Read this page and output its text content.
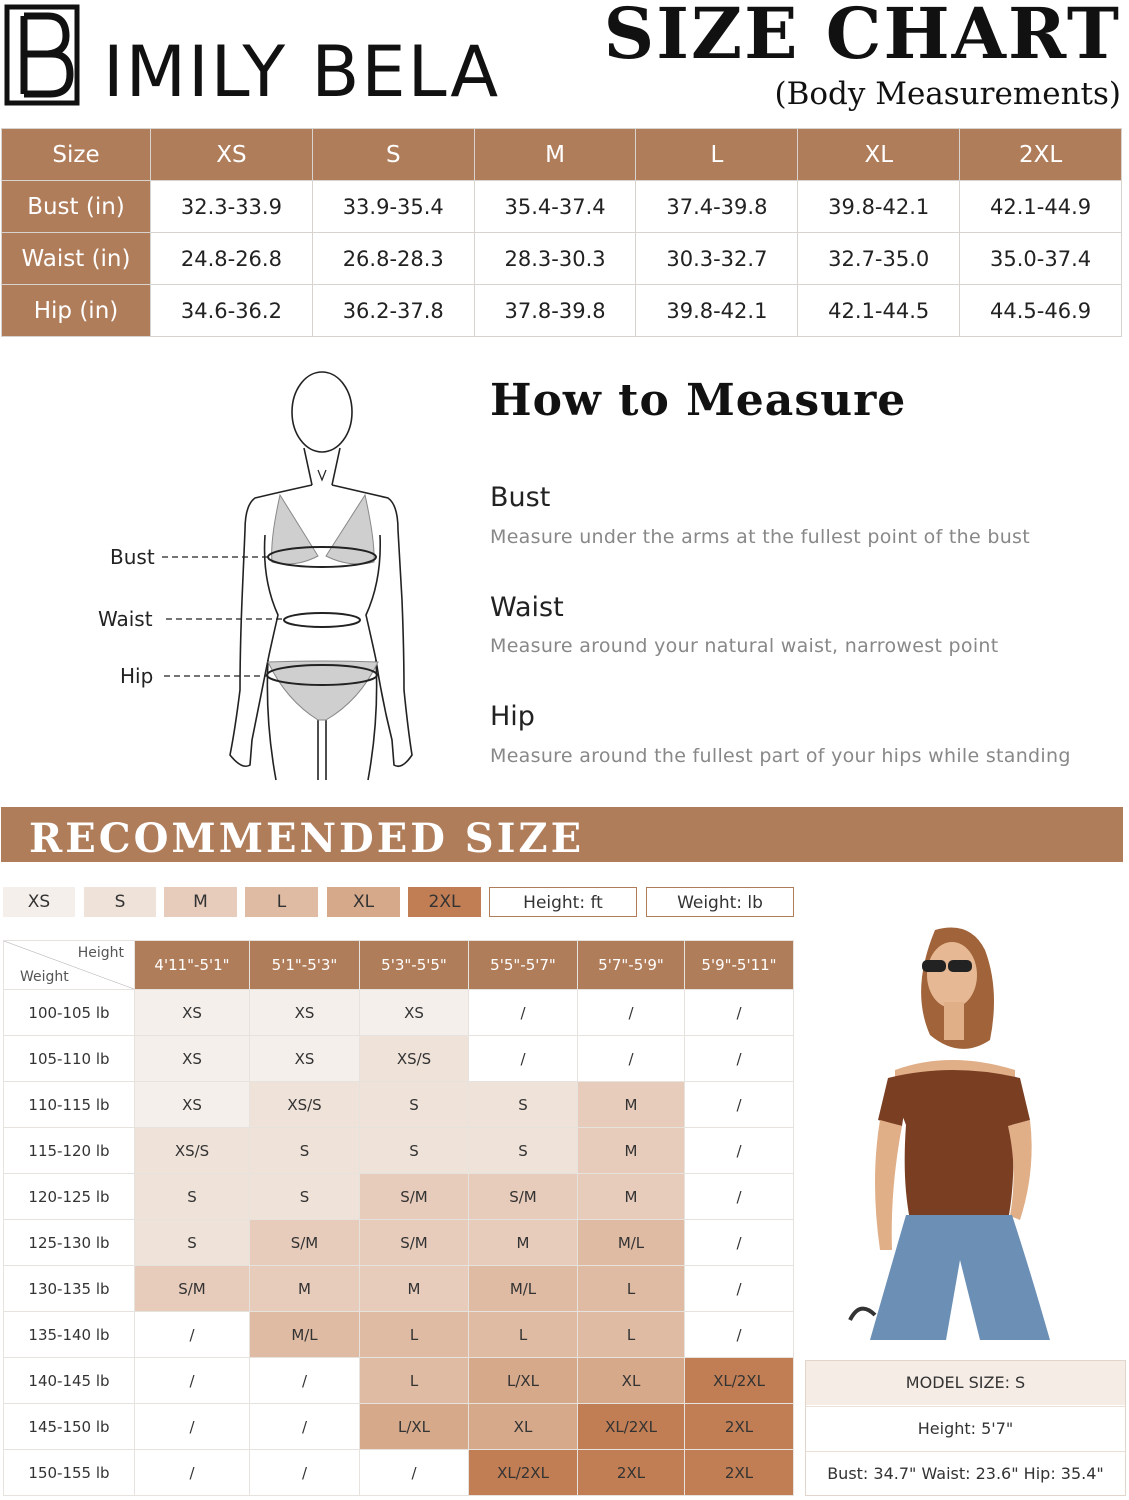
IMILY BELA SIZE CHART
(Body Measurements)
Size	XS	S	M	L	XL	2XL
Bust (in)	32.3-33.9	33.9-35.4	35.4-37.4	37.4-39.8	39.8-42.1	42.1-44.9
Waist (in)	24.8-26.8	26.8-28.3	28.3-30.3	30.3-32.7	32.7-35.0	35.0-37.4
Hip (in)	34.6-36.2	36.2-37.8	37.8-39.8	39.8-42.1	42.1-44.5	44.5-46.9
Bust
Waist
Hip
How to Measure
Bust
Measure under the arms at the fullest point of the bust
Waist
Measure around your natural waist, narrowest point
Hip
Measure around the fullest part of your hips while standing
RECOMMENDED SIZE
XS	S	M	L	XL	2XL	Height: ft	Weight: lb
Height
Weight	4'11"-5'1"	5'1"-5'3"	5'3"-5'5"	5'5"-5'7"	5'7"-5'9"	5'9"-5'11"
100-105 lb	XS	XS	XS	/	/	/
105-110 lb	XS	XS	XS/S	/	/	/
110-115 lb	XS	XS/S	S	S	M	/
115-120 lb	XS/S	S	S	S	M	/
120-125 lb	S	S	S/M	S/M	M	/
125-130 lb	S	S/M	S/M	M	M/L	/
130-135 lb	S/M	M	M	M/L	L	/
135-140 lb	/	M/L	L	L	L	/
140-145 lb	/	/	L	L/XL	XL	XL/2XL
145-150 lb	/	/	L/XL	XL	XL/2XL	2XL
150-155 lb	/	/	/	XL/2XL	2XL	2XL
MODEL SIZE: S
Height: 5'7"
Bust: 34.7" Waist: 23.6" Hip: 35.4"
